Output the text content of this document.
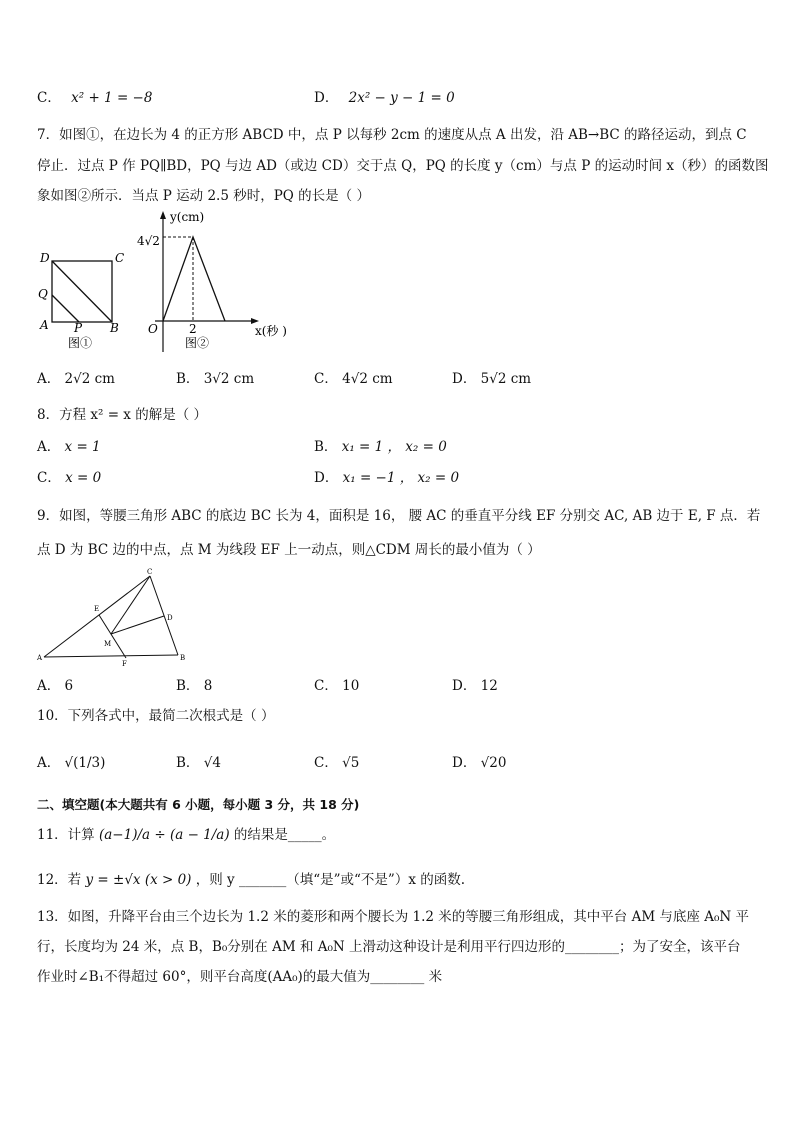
C． x² + 1 = −8	D． 2x² − y − 1 = 0
7．如图①，在边长为 4 的正方形 ABCD 中，点 P 以每秒 2cm 的速度从点 A 出发，沿 AB→BC 的路径运动，到点 C
停止．过点 P 作 PQ∥BD，PQ 与边 AD（或边 CD）交于点 Q，PQ 的长度 y（cm）与点 P 的运动时间 x（秒）的函数图
象如图②所示．当点 P 运动 2.5 秒时，PQ 的长是（ ）
D	C
Q
A P B
图①
y(cm)
4√2
O	2	x(秒 )
图②
A． 2√2 cm	B． 3√2 cm	C． 4√2 cm	D． 5√2 cm
8．方程 x² = x 的解是（ ）
A． x = 1	B． x₁ = 1 ， x₂ = 0
C． x = 0	D． x₁ = −1 ， x₂ = 0
9．如图，等腰三角形 ABC 的底边 BC 长为 4，面积是 16， 腰 AC 的垂直平分线 EF 分别交 AC, AB 边于 E, F 点．若
点 D 为 BC 边的中点，点 M 为线段 EF 上一动点，则△CDM 周长的最小值为（ ）
C
E
D
M
A
F
B
A． 6	B． 8	C． 10	D． 12
10．下列各式中，最简二次根式是（ ）
A． √(1/3)	B． √4	C． √5	D． √20
二、填空题(本大题共有 6 小题，每小题 3 分，共 18 分)
11．计算 (a−1)/a ÷ (a − 1/a) 的结果是_____。
12．若 y = ±√x (x > 0) ，则 y _______（填“是”或“不是”）x 的函数.
13．如图，升降平台由三个边长为 1.2 米的菱形和两个腰长为 1.2 米的等腰三角形组成，其中平台 AM 与底座 A₀N 平
行，长度均为 24 米，点 B，B₀分别在 AM 和 A₀N 上滑动这种设计是利用平行四边形的________；为了安全，该平台
作业时∠B₁不得超过 60°，则平台高度(AA₀)的最大值为________ 米
